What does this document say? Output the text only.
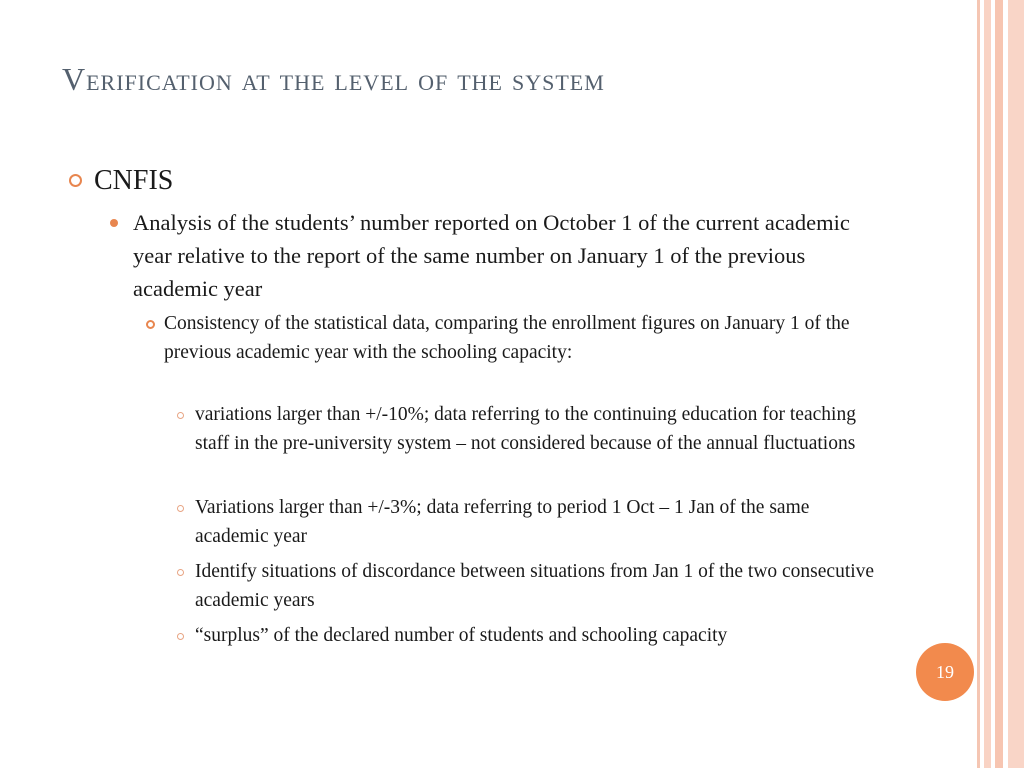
Verification at the level of the system
CNFIS
Analysis of the students’ number reported on October 1 of the current academic year relative to the report of the same number on January 1 of the previous academic year
Consistency of the statistical data, comparing the enrollment figures on January 1 of the previous academic year with the schooling capacity:
variations larger than +/-10%; data referring to the continuing education for teaching staff in the pre-university system – not considered because of the annual fluctuations
Variations larger than +/-3%; data referring to period 1 Oct – 1 Jan of the same academic year
Identify situations of discordance between situations from Jan 1 of the two consecutive academic years
“surplus” of the declared number of students and schooling capacity
19
